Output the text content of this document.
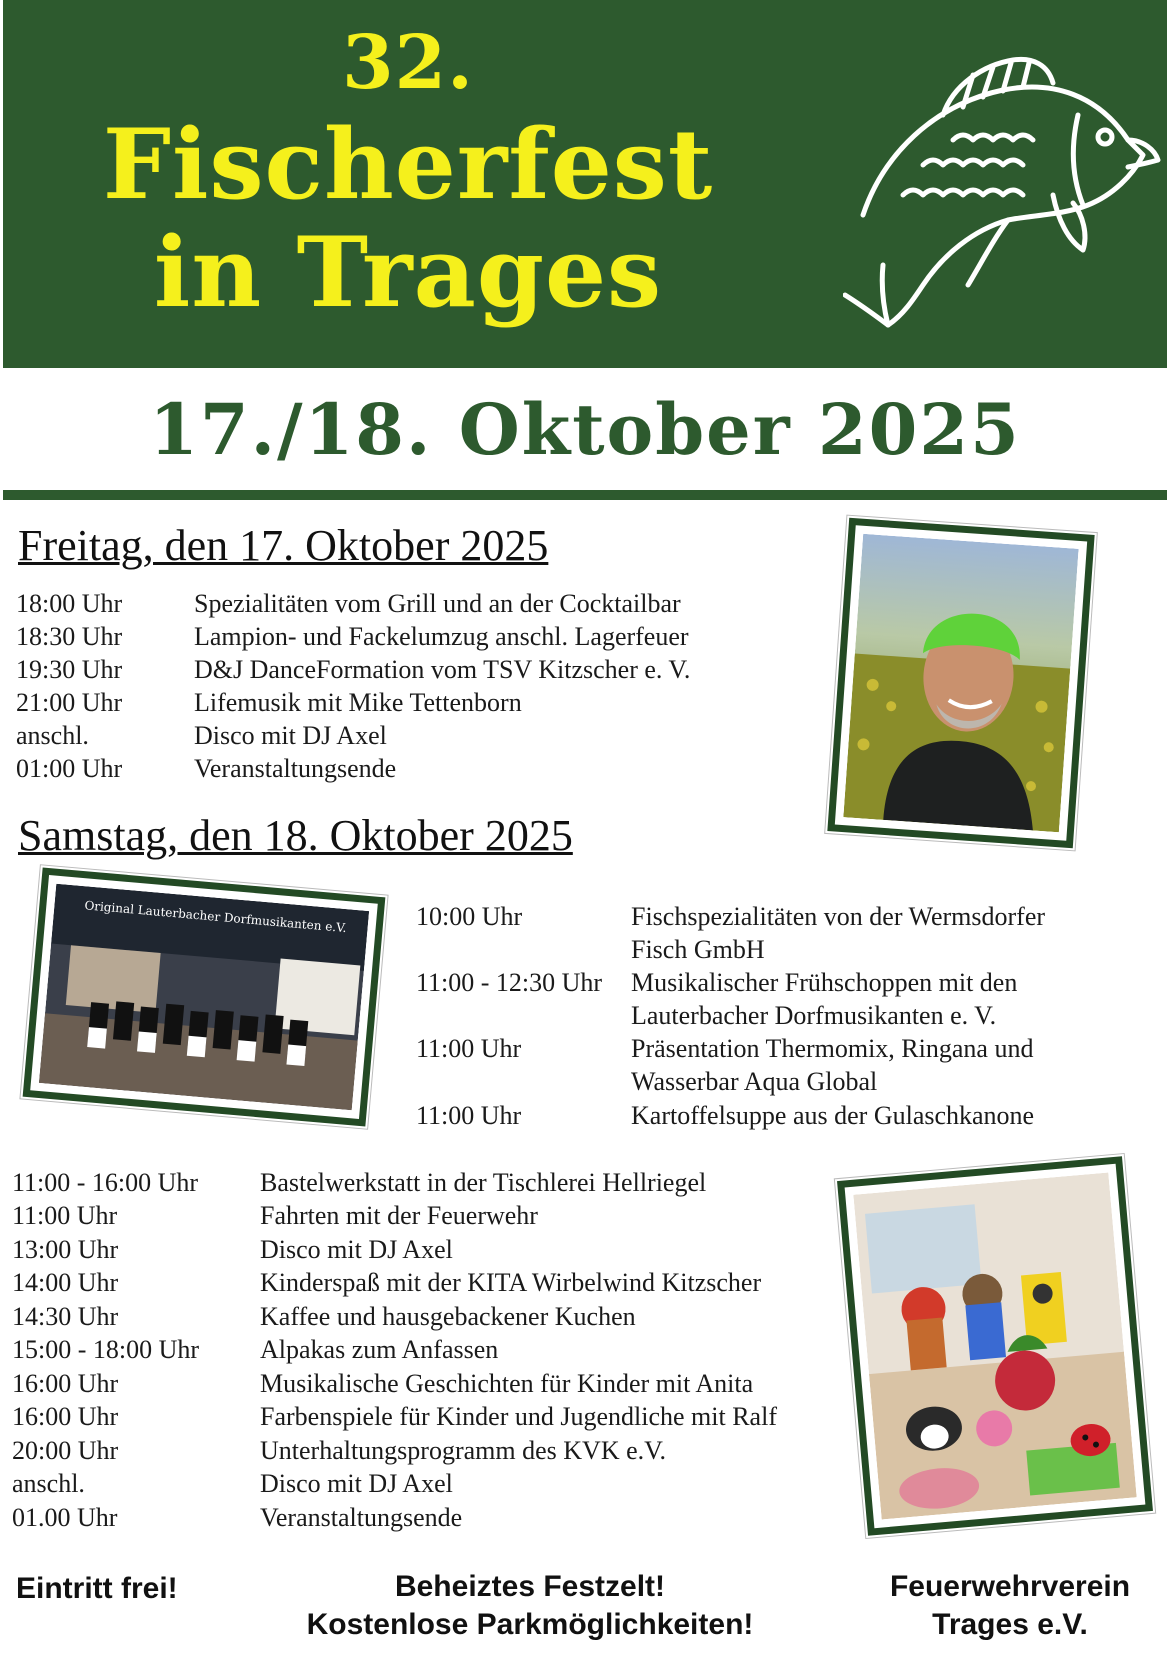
32.
Fischerfest
in Trages
17./18. Oktober 2025
Freitag, den 17. Oktober 2025
18:00 Uhr	Spezialitäten vom Grill und an der Cocktailbar
18:30 Uhr	Lampion- und Fackelumzug anschl. Lagerfeuer
19:30 Uhr	D&J DanceFormation vom TSV Kitzscher e. V.
21:00 Uhr	Lifemusik mit Mike Tettenborn
anschl.	Disco mit DJ Axel
01:00 Uhr	Veranstaltungsende
Samstag, den 18. Oktober 2025
Original Lauterbacher Dorfmusikanten e.V.	10:00 Uhr	Fischspezialitäten von der Wermsdorfer
Fisch GmbH
11:00 - 12:30 Uhr Musikalischer Frühschoppen mit den
Lauterbacher Dorfmusikanten e. V.
11:00 Uhr	Präsentation Thermomix, Ringana und
Wasserbar Aqua Global
11:00 Uhr	Kartoffelsuppe aus der Gulaschkanone
11:00 - 16:00 Uhr Bastelwerkstatt in der Tischlerei Hellriegel
11:00 Uhr	Fahrten mit der Feuerwehr
13:00 Uhr	Disco mit DJ Axel
14:00 Uhr	Kinderspaß mit der KITA Wirbelwind Kitzscher
14:30 Uhr	Kaffee und hausgebackener Kuchen
15:00 - 18:00 Uhr Alpakas zum Anfassen
16:00 Uhr	Musikalische Geschichten für Kinder mit Anita
16:00 Uhr	Farbenspiele für Kinder und Jugendliche mit Ralf
20:00 Uhr	Unterhaltungsprogramm des KVK e.V.
anschl.	Disco mit DJ Axel
01.00 Uhr	Veranstaltungsende
Eintritt frei!	Beheiztes Festzelt!
Kostenlose Parkmöglichkeiten!
Feuerwehrverein
Trages e.V.
